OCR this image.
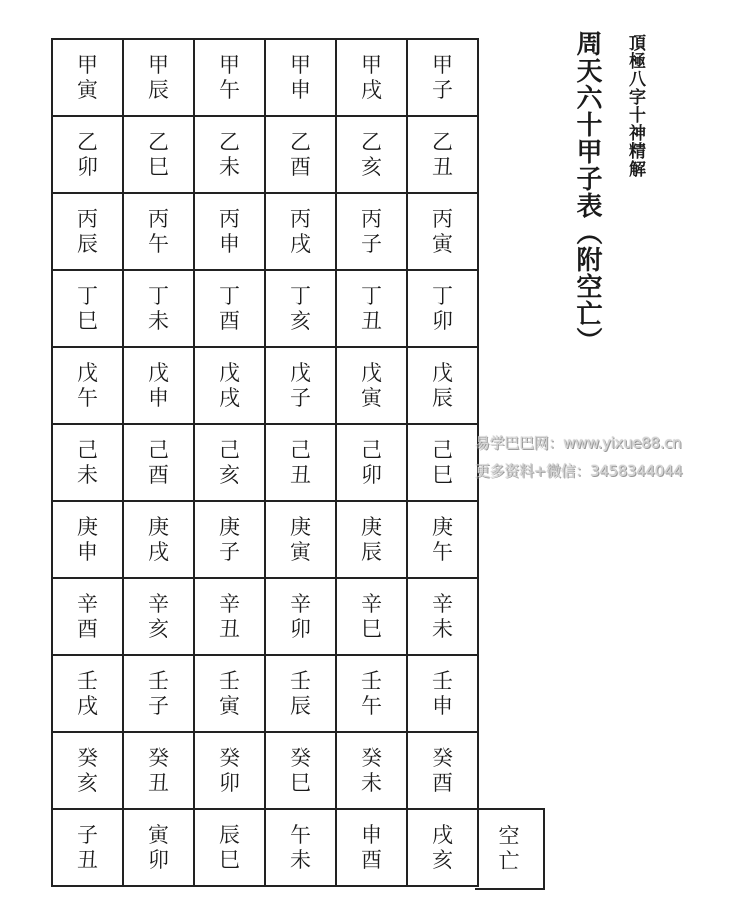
甲
寅
甲
辰
甲
午
甲
申
甲
戌
甲
子
乙
卯
乙
巳
乙
未
乙
酉
乙
亥
乙
丑
丙
辰
丙
午
丙
申
丙
戌
丙
子
丙
寅
丁
巳
丁
未
丁
酉
丁
亥
丁
丑
丁
卯
戊
午
戊
申
戊
戌
戊
子
戊
寅
戊
辰
己
未
己
酉
己
亥
己
丑
己
卯
己
巳
庚
申
庚
戌
庚
子
庚
寅
庚
辰
庚
午
辛
酉
辛
亥
辛
丑
辛
卯
辛
巳
辛
未
壬
戌
壬
子
壬
寅
壬
辰
壬
午
壬
申
癸
亥
癸
丑
癸
卯
癸
巳
癸
未
癸
酉
子
丑
寅
卯
辰
巳
午
未
申
酉
戌
亥
空
亡
周天六十甲子表（附空亡） 頂極八字十神精解
易学巴巴网：www.yixue88.cn
更多资料+微信：3458344044
